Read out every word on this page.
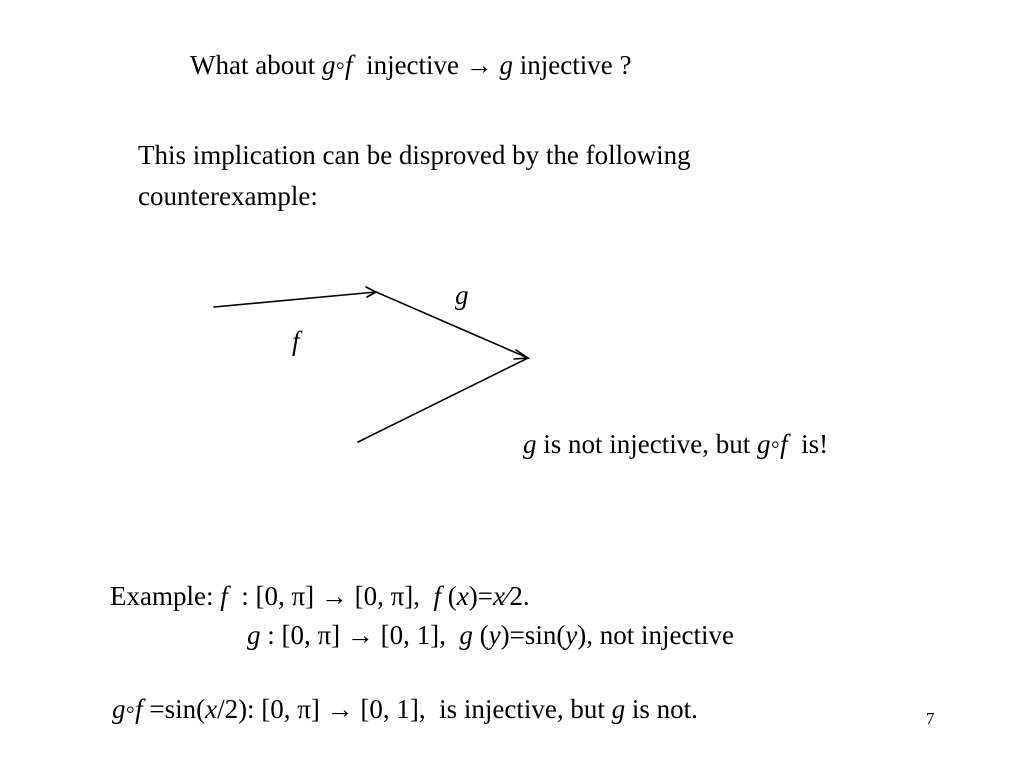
What about g◦f  injective → g injective ?
This implication can be disproved by the following
counterexample:
g
f
g is not injective, but g◦f  is!
Example: f  : [0, π] → [0, π],  f (x)=x⁄2.
g : [0, π] → [0, 1],  g (y)=sin(y), not injective
g◦f =sin(x/2): [0, π] → [0, 1],  is injective, but g is not.	7
